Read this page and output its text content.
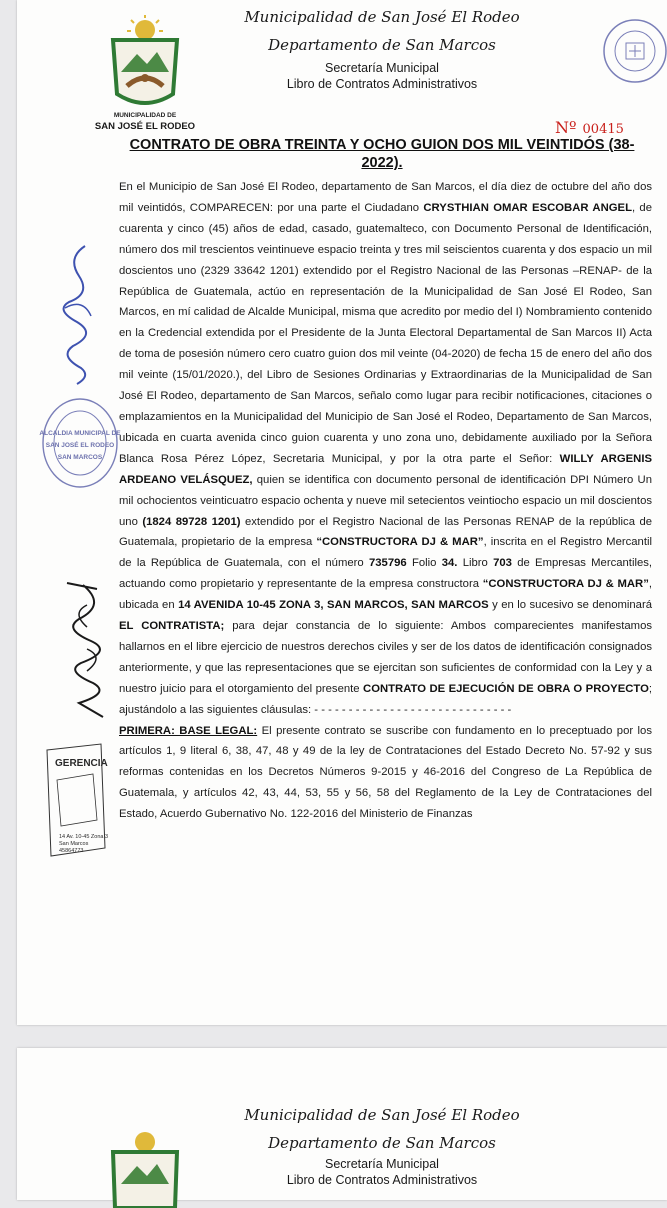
MUNICIPALIDAD DE
SAN JOSÉ EL RODEO
Municipalidad de San José El Rodeo
Departamento de San Marcos
Secretaría Municipal
Libro de Contratos Administrativos
Nº 00415
CONTRATO DE OBRA TREINTA Y OCHO GUION DOS MIL VEINTIDÓS (38-2022).
ALCALDIA MUNICIPAL DE
SAN JOSÉ EL RODEO
SAN MARCOS
GERENCIA
14 Av. 10-45 Zona 3
San Marcos
45864773

En el Municipio de San José El Rodeo, departamento de San Marcos, el día diez de octubre del año dos mil veintidós, COMPARECEN: por una parte el Ciudadano CRYSTHIAN OMAR ESCOBAR ANGEL, de cuarenta y cinco (45) años de edad, casado, guatemalteco, con Documento Personal de Identificación, número dos mil trescientos veintinueve espacio treinta y tres mil seiscientos cuarenta y dos espacio un mil doscientos uno (2329 33642 1201) extendido por el Registro Nacional de las Personas –RENAP- de la República de Guatemala, actúo en representación de la Municipalidad de San José El Rodeo, San Marcos, en mí calidad de Alcalde Municipal, misma que acredito por medio del I) Nombramiento contenido en la Credencial extendida por el Presidente de la Junta Electoral Departamental de San Marcos II) Acta de toma de posesión número cero cuatro guion dos mil veinte (04-2020) de fecha 15 de enero del año dos mil veinte (15/01/2020.), del Libro de Sesiones Ordinarias y Extraordinarias de la Municipalidad de San José El Rodeo, departamento de San Marcos, señalo como lugar para recibir notificaciones, citaciones o emplazamientos en la Municipalidad del Municipio de San José el Rodeo, Departamento de San Marcos, ubicada en cuarta avenida cinco guion cuarenta y uno zona uno, debidamente auxiliado por la Señora Blanca Rosa Pérez López, Secretaria Municipal, y por la otra parte el Señor: WILLY ARGENIS ARDEANO VELÁSQUEZ, quien se identifica con documento personal de identificación DPI Número Un mil ochocientos veinticuatro espacio ochenta y nueve mil setecientos veintiocho espacio un mil doscientos uno (1824 89728 1201) extendido por el Registro Nacional de las Personas RENAP de la república de Guatemala, propietario de la empresa “CONSTRUCTORA DJ & MAR”, inscrita en el Registro Mercantil de la República de Guatemala, con el número 735796 Folio 34. Libro 703 de Empresas Mercantiles, actuando como propietario y representante de la empresa constructora “CONSTRUCTORA DJ & MAR”, ubicada en 14 AVENIDA 10-45 ZONA 3, SAN MARCOS, SAN MARCOS y en lo sucesivo se denominará EL CONTRATISTA; para dejar constancia de lo siguiente: Ambos comparecientes manifestamos hallarnos en el libre ejercicio de nuestros derechos civiles y ser de los datos de identificación consignados anteriormente, y que las representaciones que se ejercitan son suficientes de conformidad con la Ley y a nuestro juicio para el otorgamiento del presente CONTRATO DE EJECUCIÓN DE OBRA O PROYECTO; ajustándolo a las siguientes cláusulas: - - - - - - - - - - - - - - - - - - - - - - - - - - - - -

PRIMERA: BASE LEGAL: El presente contrato se suscribe con fundamento en lo preceptuado por los artículos 1, 9 literal 6, 38, 47, 48 y 49 de la ley de Contrataciones del Estado Decreto No. 57-92 y sus reformas contenidas en los Decretos Números 9-2015 y 46-2016 del Congreso de La República de Guatemala, y artículos 42, 43, 44, 53, 55 y 56, 58 del Reglamento de la Ley de Contrataciones del Estado, Acuerdo Gubernativo No. 122-2016 del Ministerio de Finanzas

Municipalidad de San José El Rodeo
Departamento de San Marcos
Secretaría Municipal
Libro de Contratos Administrativos
